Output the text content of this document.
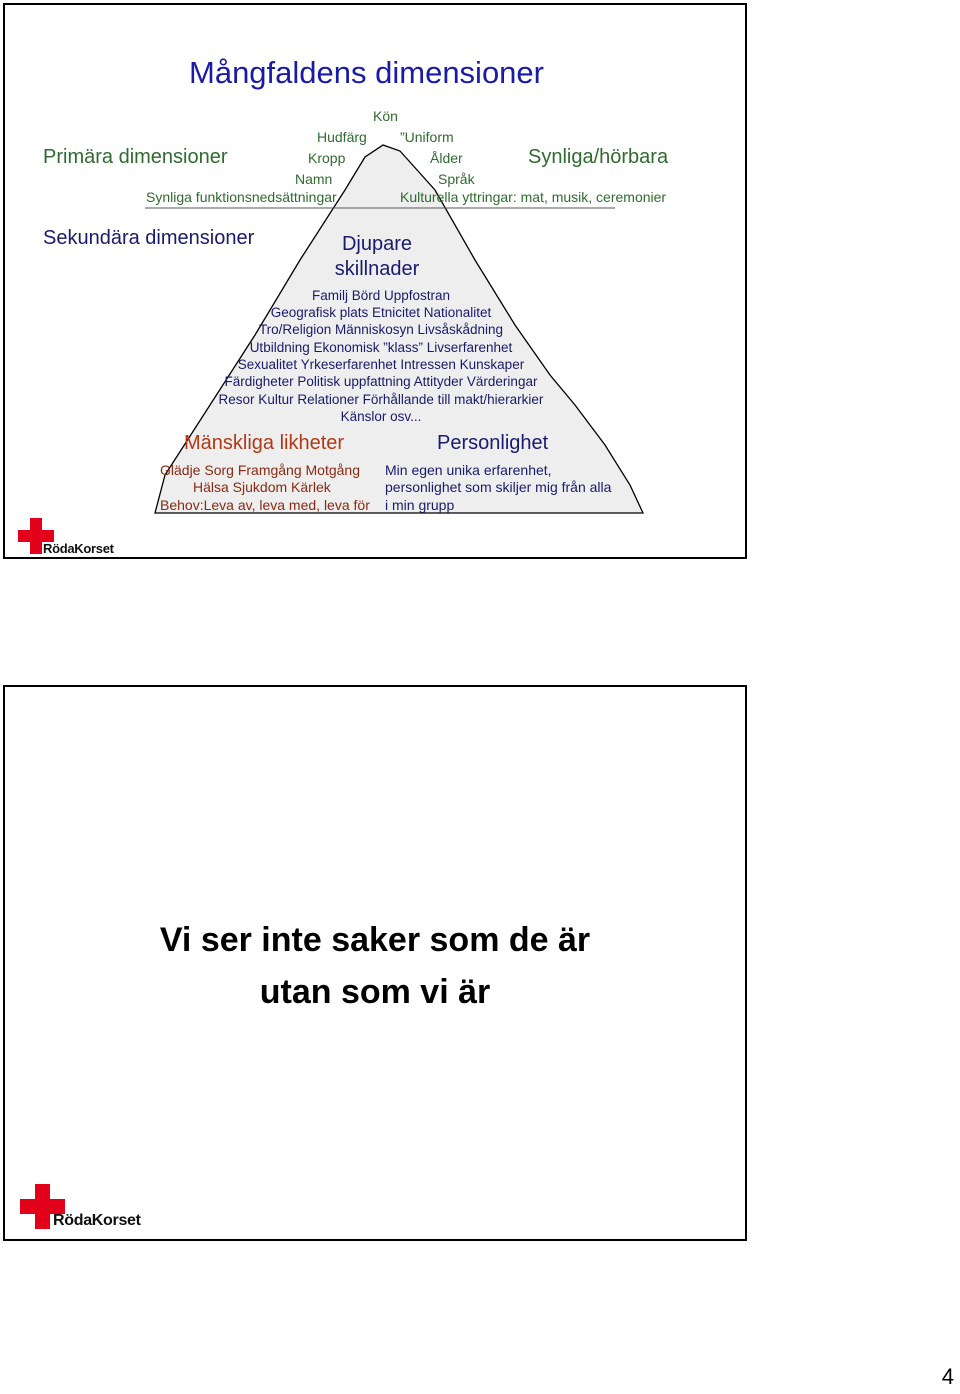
Mångfaldens dimensioner
Primära dimensioner	Synliga/hörbara
Sekundära dimensioner
Kön
Hudfärg ”Uniform
Kropp	Ålder
Namn	Språk
Synliga funktionsnedsättningar	Kulturella yttringar: mat, musik, ceremonier
Djupare
skillnader
Familj Börd Uppfostran
Geografisk plats Etnicitet Nationalitet
Tro/Religion Människosyn Livsåskådning
Utbildning Ekonomisk ”klass” Livserfarenhet
Sexualitet Yrkeserfarenhet Intressen Kunskaper
Färdigheter Politisk uppfattning Attityder Värderingar
Resor Kultur Relationer Förhållande till makt/hierarkier
Känslor osv...
Mänskliga likheter	Personlighet
Glädje Sorg Framgång Motgång
Hälsa Sjukdom Kärlek
Behov:Leva av, leva med, leva för
Min egen unika erfarenhet,
personlighet som skiljer mig från alla
i min grupp
RödaKorset
Vi ser inte saker som de är
utan som vi är
RödaKorset
4
